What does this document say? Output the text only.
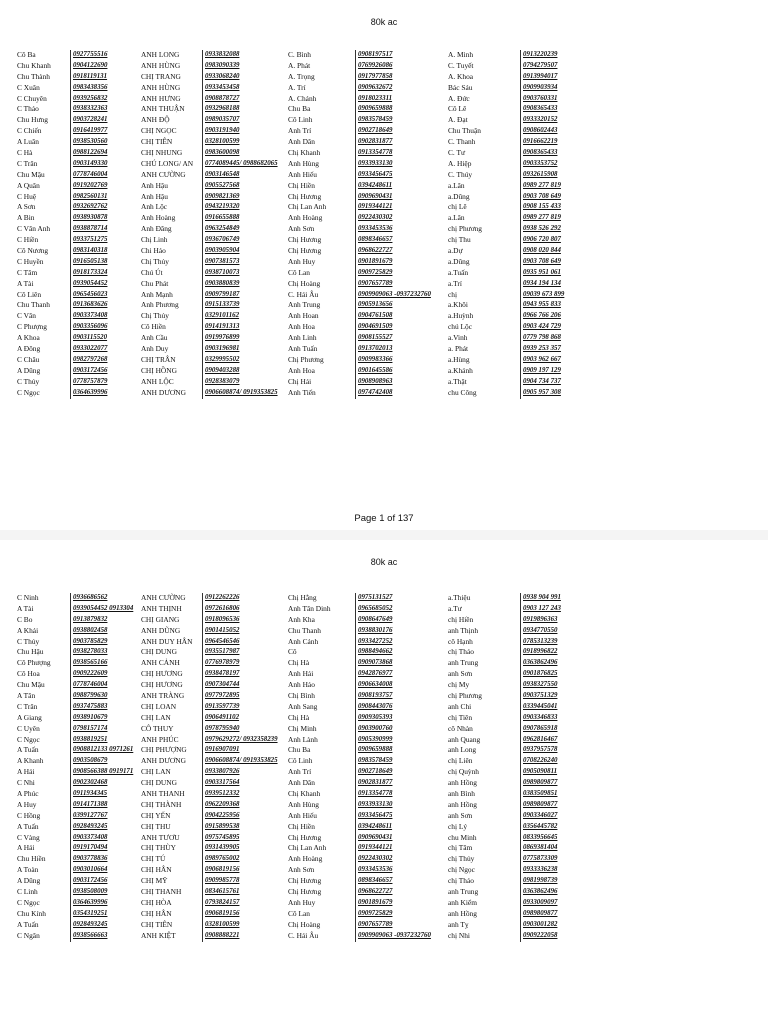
80k ac
Cô Ba	0927755516	ANH LONG	0933832088	C. Bình	0908197517	A. Minh	0913220239
Chu Khanh	0904122690	ANH HÙNG	0983090339	A. Phát	0769926086	C. Tuyết	0794279507
Chu Thành	0918119131	CHỊ TRANG	0933068240	A. Trọng	0917977858	A. Khoa	0913994017
C Xuân	0983438356	ANH HÙNG	0933453458	A. Trí	0909632672	Bác Sáu	0909903934
C Chuyên	0939256832	ANH HƯNG	0908878727	A. Chánh	0918023311	A. Đức	0903760331
C Thảo	0938332363	ANH THUẬN	0932968188	Chu Ba	0909659888	Cô Lê	0908365433
Chu Hưng	0903728241	ANH ĐỘ	0989035707	Cô Linh	0983578459	A. Đạt	0933320152
C Chiến	0916419977	CHỊ NGỌC	0903191940	Anh Trí	0902718649	Chu Thuận	0908602443
A Luân	0938530560	CHỊ TIÊN	0328100599	Anh Dân	0902831877	C. Thanh	0916662219
C Hà	0988122694	CHỊ NHUNG	0983600098	Chị Khanh	0913354778	C. Tư	0908365433
C Trân	0903149330	CHÚ LONG/ AN	0774089445/ 0988682065	Anh Hùng	0933933130	A. Hiệp	0903353752
Chu Mậu	0778746004	ANH CƯỜNG	0903146548	Anh Hiếu	0933456475	C. Thúy	0932615908
A Quân	0919202769	Anh Hậu	0905527568	Chị Hiền	0394248611	a.Lân	0989 277 819
C Huệ	0982560131	Anh Hậu	0909821369	Chị Hương	0909690431	a.Dũng	0903 708 649
A Sơn	0932692762	Anh Lộc	0943219320	Chị Lan Anh	0919344121	chị Lê	0908 155 433
A Bin	0938930878	Anh Hoàng	0916655888	Anh Hoàng	0922430302	a.Lân	0989 277 819
C Vân Anh	0938878714	Anh Đăng	0963254849	Anh Sơn	0933453536	chị Phương	0938 526 292
C Hiền	0933751275	Chị Linh	0936706749	Chị Hương	0898346657	chị Thu	0906 720 807
Cô Nương	0983140318	Chi Hảo	0903905904	Chị Hương	0968622727	a.Dự	0908 020 844
C Huyền	0916505138	Chị Thủy	0907381573	Anh Huy	0901891679	a.Dũng	0903 708 649
C Tâm	0918173324	Chú Út	0938710073	Cô Lan	0909725829	a.Tuấn	0935 951 061
A Tài	0939054452	Chu Phát	0903880839	Chị Hoàng	0907657789	a.Trí	0934 194 134
Cô Liên	0965456023	Anh Mạnh	0909799187	C. Hải Âu	0909909063 -0937232760	chị	09039 673 899
Chu Thanh	0913683626	Anh Phương	0915133739	Anh Trung	0905913656	a.Khôi	0943 955 833
C Vân	0903373408	Chị Thủy	0329101162	Anh Hoan	0904761508	a.Huỳnh	0966 766 206
C Phượng	0903356096	Cô Hiền	0914191313	Anh Hoa	0904691509	chú Lộc	0903 424 729
A Khoa	0903115520	Anh Cầu	0919976899	Anh Linh	0908155527	a.Vinh	0779 798 868
A Đông	0933022077	Anh Duy	0903196981	Anh Tuấn	0913702013	a. Phát	0939 253 357
C Châu	0982797268	CHỊ TRÂN	0329995502	Chị Phương	0909983366	a.Hùng	0903 962 667
A Dũng	0903172456	CHỊ HỒNG	0909403288	Anh Hoa	0901645586	a.Khánh	0909 197 129
C Thủy	0778757879	ANH LỘC	0928383079	Chị Hải	0908908963	a.Thật	0904 734 737
C Ngọc	0364639996	ANH DƯƠNG	0906608874/ 0919353825	Anh Tiến	0974742408	chu Công	0905 957 308
Page 1 of 137
80k ac
C Ninh	0936686562	ANH CƯỜNG	0912262226	Chị Hằng	0975131527	a.Thiệu	0938 904 991
A Tài	0939054452 0913304	ANH THỊNH	0972616806	Anh Tân Dinh	0965685052	a.Tư	0903 127 243
C Bo	0913879832	CHỊ GIANG	0918096536	Anh Kha	0908647649	chị Hiền	0919896363
A Khải	0938802458	ANH DŨNG	0901415052	Chu Thanh	0938830176	anh Thịnh	0934770550
C Thủy	0903785829	ANH DUY HÂN	0964546546	Anh Cảnh	0933427252	cô Hạnh	0785313239
Chu Hậu	0938278033	CHỊ DUNG	0935517987	Cô	0988494662	chị Thảo	0918996822
Cô Phượng	0938565166	ANH CẢNH	0776978979	Chị Hà	0909073868	anh Trung	0363862496
Cô Hoa	0909222609	CHỊ HƯƠNG	0938478197	Anh Hải	0942876977	anh Sơn	0901876825
Chu Mậu	0778746004	CHỊ HƯƠNG	0907304744	Anh Hảo	0906634008	chị My	0938327550
A Tân	0988799630	ANH TRÀNG	0977972895	Chị Bình	0908193757	chị Phương	0903751329
C Trân	0937475883	CHỊ LOAN	0913597739	Anh Sang	0908443076	anh Chi	0339445041
A Giang	0938910679	CHỊ LAN	0906491102	Chị Hà	0909305393	chị Tiên	0903346833
C Uyên	0798157174	CÔ THUY	0978795940	Chị Minh	0903900760	cô Nhàn	0907865918
C Ngọc	0938819251	ANH PHÚC	0979629272/ 0932358239	Anh Lành	0905390999	anh Quang	0962816467
A Tuấn	0908812133 0971261	CHỊ PHƯỢNG	0916907091	Chu Ba	0909659888	anh Long	0937957578
A Khanh	0903508679	ANH DƯƠNG	0906608874/ 0919353825	Cô Linh	0983578459	chị Liên	0708226240
A Hải	0908566388 0919171	CHỊ LAN	0933807926	Anh Trí	0902718649	chị Quỳnh	0905090811
C Nhi	0902302468	CHỊ DUNG	0903317564	Anh Dân	0902831877	anh Hồng	0989809877
A Phúc	0911934345	ANH THANH	0939512332	Chị Khanh	0913354778	anh Bình	0383509851
A Huy	0914171388	CHỊ THÀNH	0962209368	Anh Hùng	0933933130	anh Hồng	0989809877
C Hồng	0399127767	CHỊ YẾN	0904225956	Anh Hiếu	0933456475	anh Sơn	0903346027
A Tuấn	0928493245	CHỊ THU	0915899538	Chị Hiền	0394248611	chị Lý	0356445782
C Vàng	0903373408	ANH TƯƠU	0975745895	Chị Hương	0909690431	chu Minh	0833956645
A Hải	0919170494	CHỊ THÙY	0931439905	Chị Lan Anh	0919344121	chị Tâm	0869381404
Chu Hiền	0903778836	CHỊ TÚ	0989765002	Anh Hoàng	0922430302	chị Thủy	0775873309
A Toàn	0903010664	CHỊ HÂN	0906819156	Anh Sơn	0933453536	chị Ngọc	0933336238
A Dũng	0903172456	CHỊ MỸ	0909985778	Chị Hương	0898346657	chị Thảo	0981998739
C Linh	0938508009	CHỊ THANH	0834615761	Chị Hương	0968622727	anh Trung	0363862496
C Ngọc	0364639996	CHỊ HÒA	0793824157	Anh Huy	0901891679	anh Kiểm	0933009097
Chu Kính	0354319251	CHỊ HÂN	0906819156	Cô Lan	0909725829	anh Hồng	0989809877
A Tuấn	0928493245	CHỊ TIÊN	0328100599	Chị Hoàng	0907657789	anh Tỵ	0903001282
C Ngân	0938566663	ANH KIỆT	0908888221	C. Hải Âu	0909909063 -0937232760	chị Nhi	0909222058
